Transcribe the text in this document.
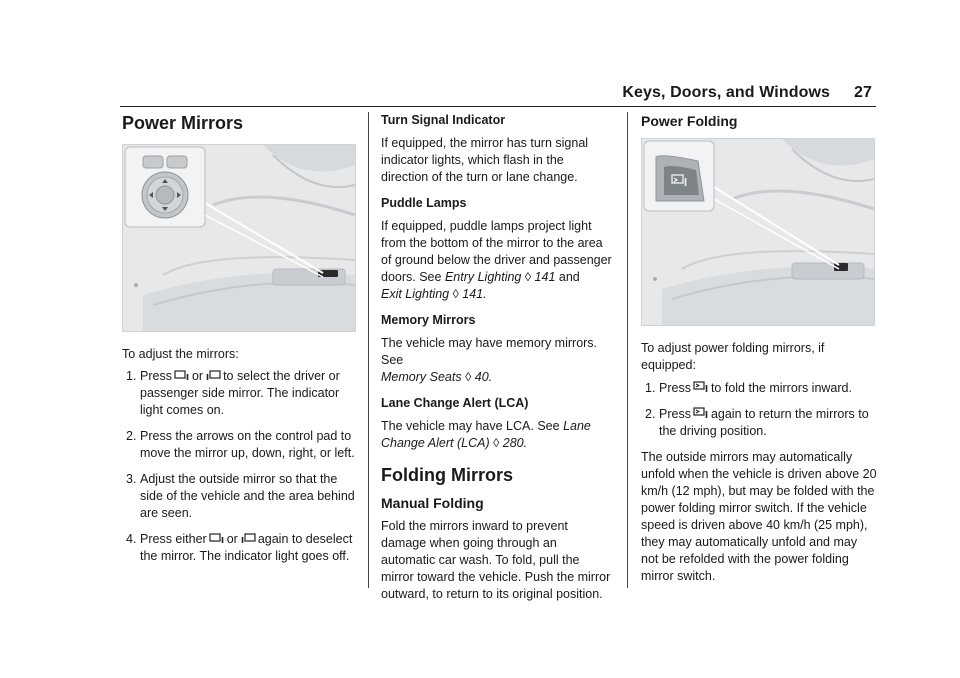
Keys, Doors, and Windows 27
Power Mirrors

To adjust the mirrors:

1. Press or to select the driver or passenger side mirror. The indicator light comes on.
2. Press the arrows on the control pad to move the mirror up, down, right, or left.
3. Adjust the outside mirror so that the side of the vehicle and the area behind are seen.
4. Press either or again to deselect the mirror. The indicator light goes off.
Turn Signal Indicator

If equipped, the mirror has turn signal indicator lights, which flash in the direction of the turn or lane change.

Puddle Lamps

If equipped, puddle lamps project light from the bottom of the mirror to the area of ground below the driver and passenger doors. See Entry Lighting ◊ 141 and
Exit Lighting ◊ 141.

Memory Mirrors

The vehicle may have memory mirrors. See
Memory Seats ◊ 40.

Lane Change Alert (LCA)

The vehicle may have LCA. See Lane Change Alert (LCA) ◊ 280.

Folding Mirrors
Manual Folding

Fold the mirrors inward to prevent damage when going through an automatic car wash. To fold, pull the mirror toward the vehicle. Push the mirror outward, to return to its original position.

Power Folding

To adjust power folding mirrors, if equipped:

1. Press to fold the mirrors inward.
2. Press again to return the mirrors to the driving position.

The outside mirrors may automatically unfold when the vehicle is driven above 20 km/h (12 mph), but may be folded with the power folding mirror switch. If the vehicle speed is driven above 40 km/h (25 mph), they may automatically unfold and may not be refolded with the power folding mirror switch.
